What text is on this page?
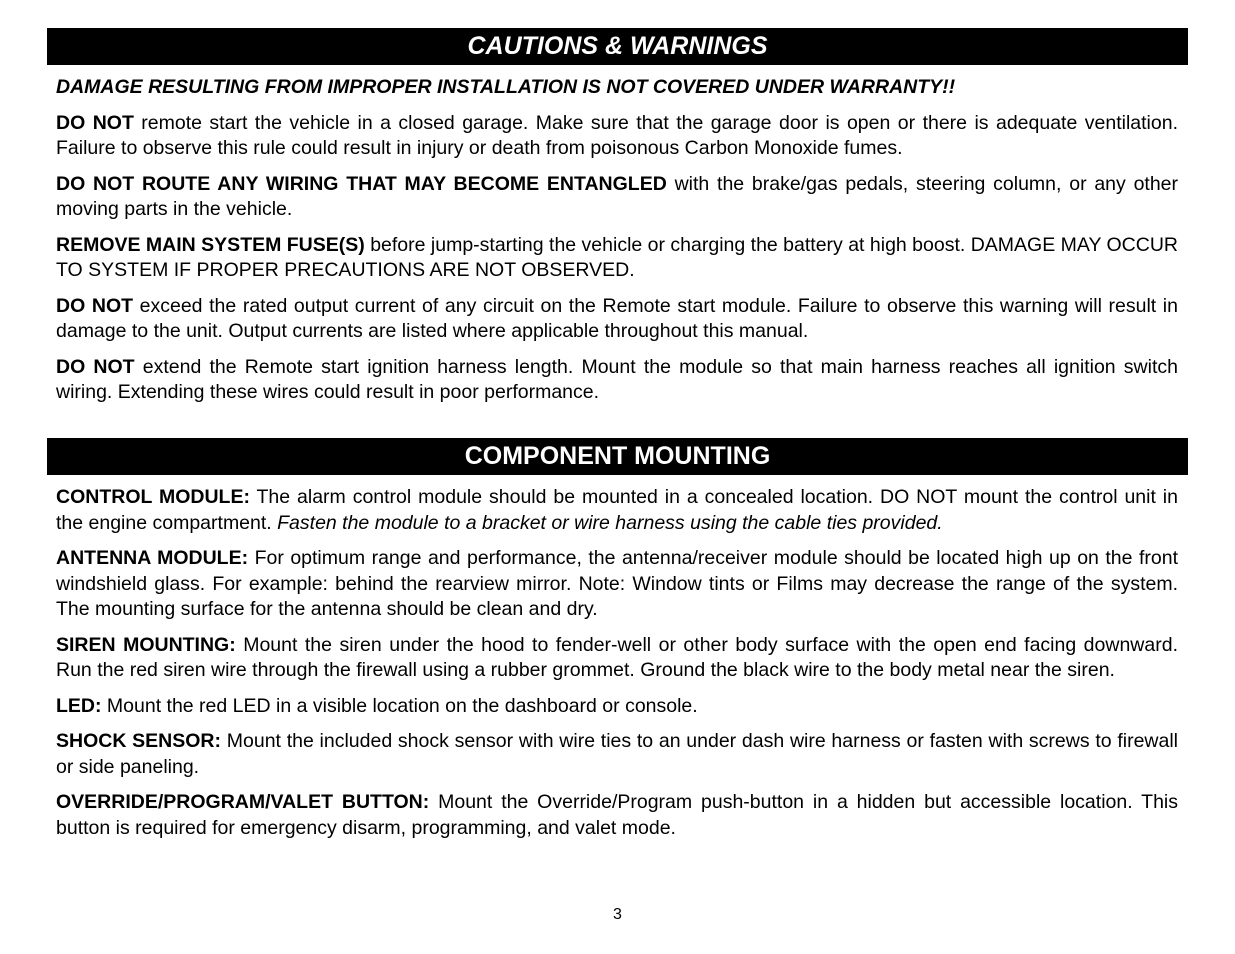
CAUTIONS & WARNINGS

DAMAGE RESULTING FROM IMPROPER INSTALLATION IS NOT COVERED UNDER WARRANTY!!

DO NOT remote start the vehicle in a closed garage. Make sure that the garage door is open or there is adequate ventilation. Failure to observe this rule could result in injury or death from poisonous Carbon Monoxide fumes.

DO NOT ROUTE ANY WIRING THAT MAY BECOME ENTANGLED with the brake/gas pedals, steering column, or any other moving parts in the vehicle.

REMOVE MAIN SYSTEM FUSE(S) before jump-starting the vehicle or charging the battery at high boost. DAMAGE MAY OCCUR TO SYSTEM IF PROPER PRECAUTIONS ARE NOT OBSERVED.

DO NOT exceed the rated output current of any circuit on the Remote start module. Failure to observe this warning will result in damage to the unit. Output currents are listed where applicable throughout this manual.

DO NOT extend the Remote start ignition harness length. Mount the module so that main harness reaches all ignition switch wiring. Extending these wires could result in poor performance.

COMPONENT MOUNTING

CONTROL MODULE: The alarm control module should be mounted in a concealed location. DO NOT mount the control unit in the engine compartment. Fasten the module to a bracket or wire harness using the cable ties provided.

ANTENNA MODULE: For optimum range and performance, the antenna/receiver module should be located high up on the front windshield glass. For example: behind the rearview mirror. Note: Window tints or Films may decrease the range of the system. The mounting surface for the antenna should be clean and dry.

SIREN MOUNTING: Mount the siren under the hood to fender-well or other body surface with the open end facing downward. Run the red siren wire through the firewall using a rubber grommet. Ground the black wire to the body metal near the siren.

LED: Mount the red LED in a visible location on the dashboard or console.

SHOCK SENSOR: Mount the included shock sensor with wire ties to an under dash wire harness or fasten with screws to firewall or side paneling.

OVERRIDE/PROGRAM/VALET BUTTON: Mount the Override/Program push-button in a hidden but accessible location. This button is required for emergency disarm, programming, and valet mode.

3
